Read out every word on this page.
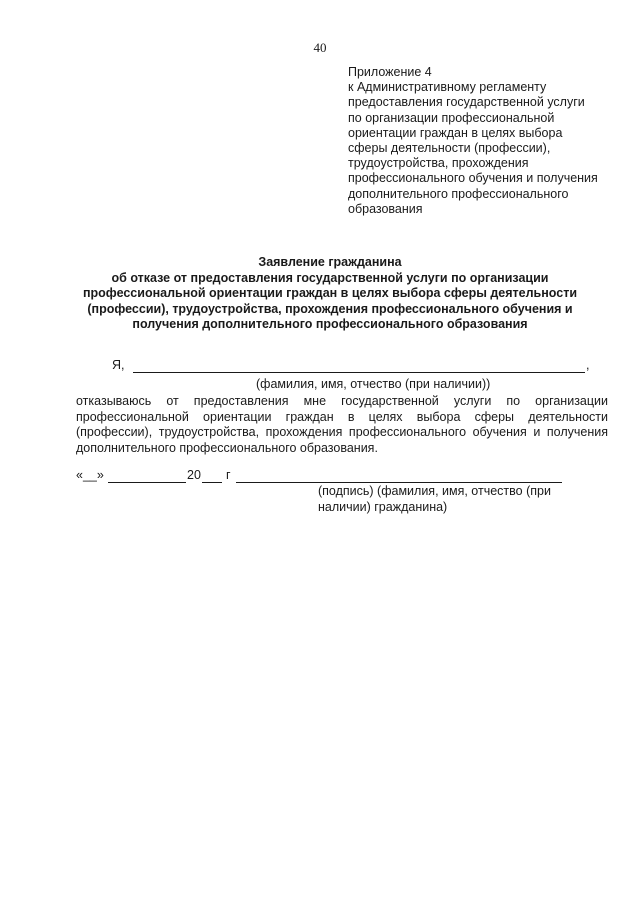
40
Приложение 4
к Административному регламенту
предоставления государственной услуги
по организации профессиональной
ориентации граждан в целях выбора
сферы деятельности (профессии),
трудоустройства, прохождения
профессионального обучения и получения
дополнительного профессионального
образования
Заявление гражданина
об отказе от предоставления государственной услуги по организации
профессиональной ориентации граждан в целях выбора сферы деятельности
(профессии), трудоустройства, прохождения профессионального обучения и
получения дополнительного профессионального образования
Я,	,
(фамилия, имя, отчество (при наличии))
отказываюсь от предоставления мне государственной услуги по организации
профессиональной ориентации граждан в целях выбора сферы деятельности
(профессии), трудоустройства, прохождения профессионального обучения и получения
дополнительного профессионального образования.
«__»	20 г
(подпись) (фамилия, имя, отчество (при
наличии) гражданина)
